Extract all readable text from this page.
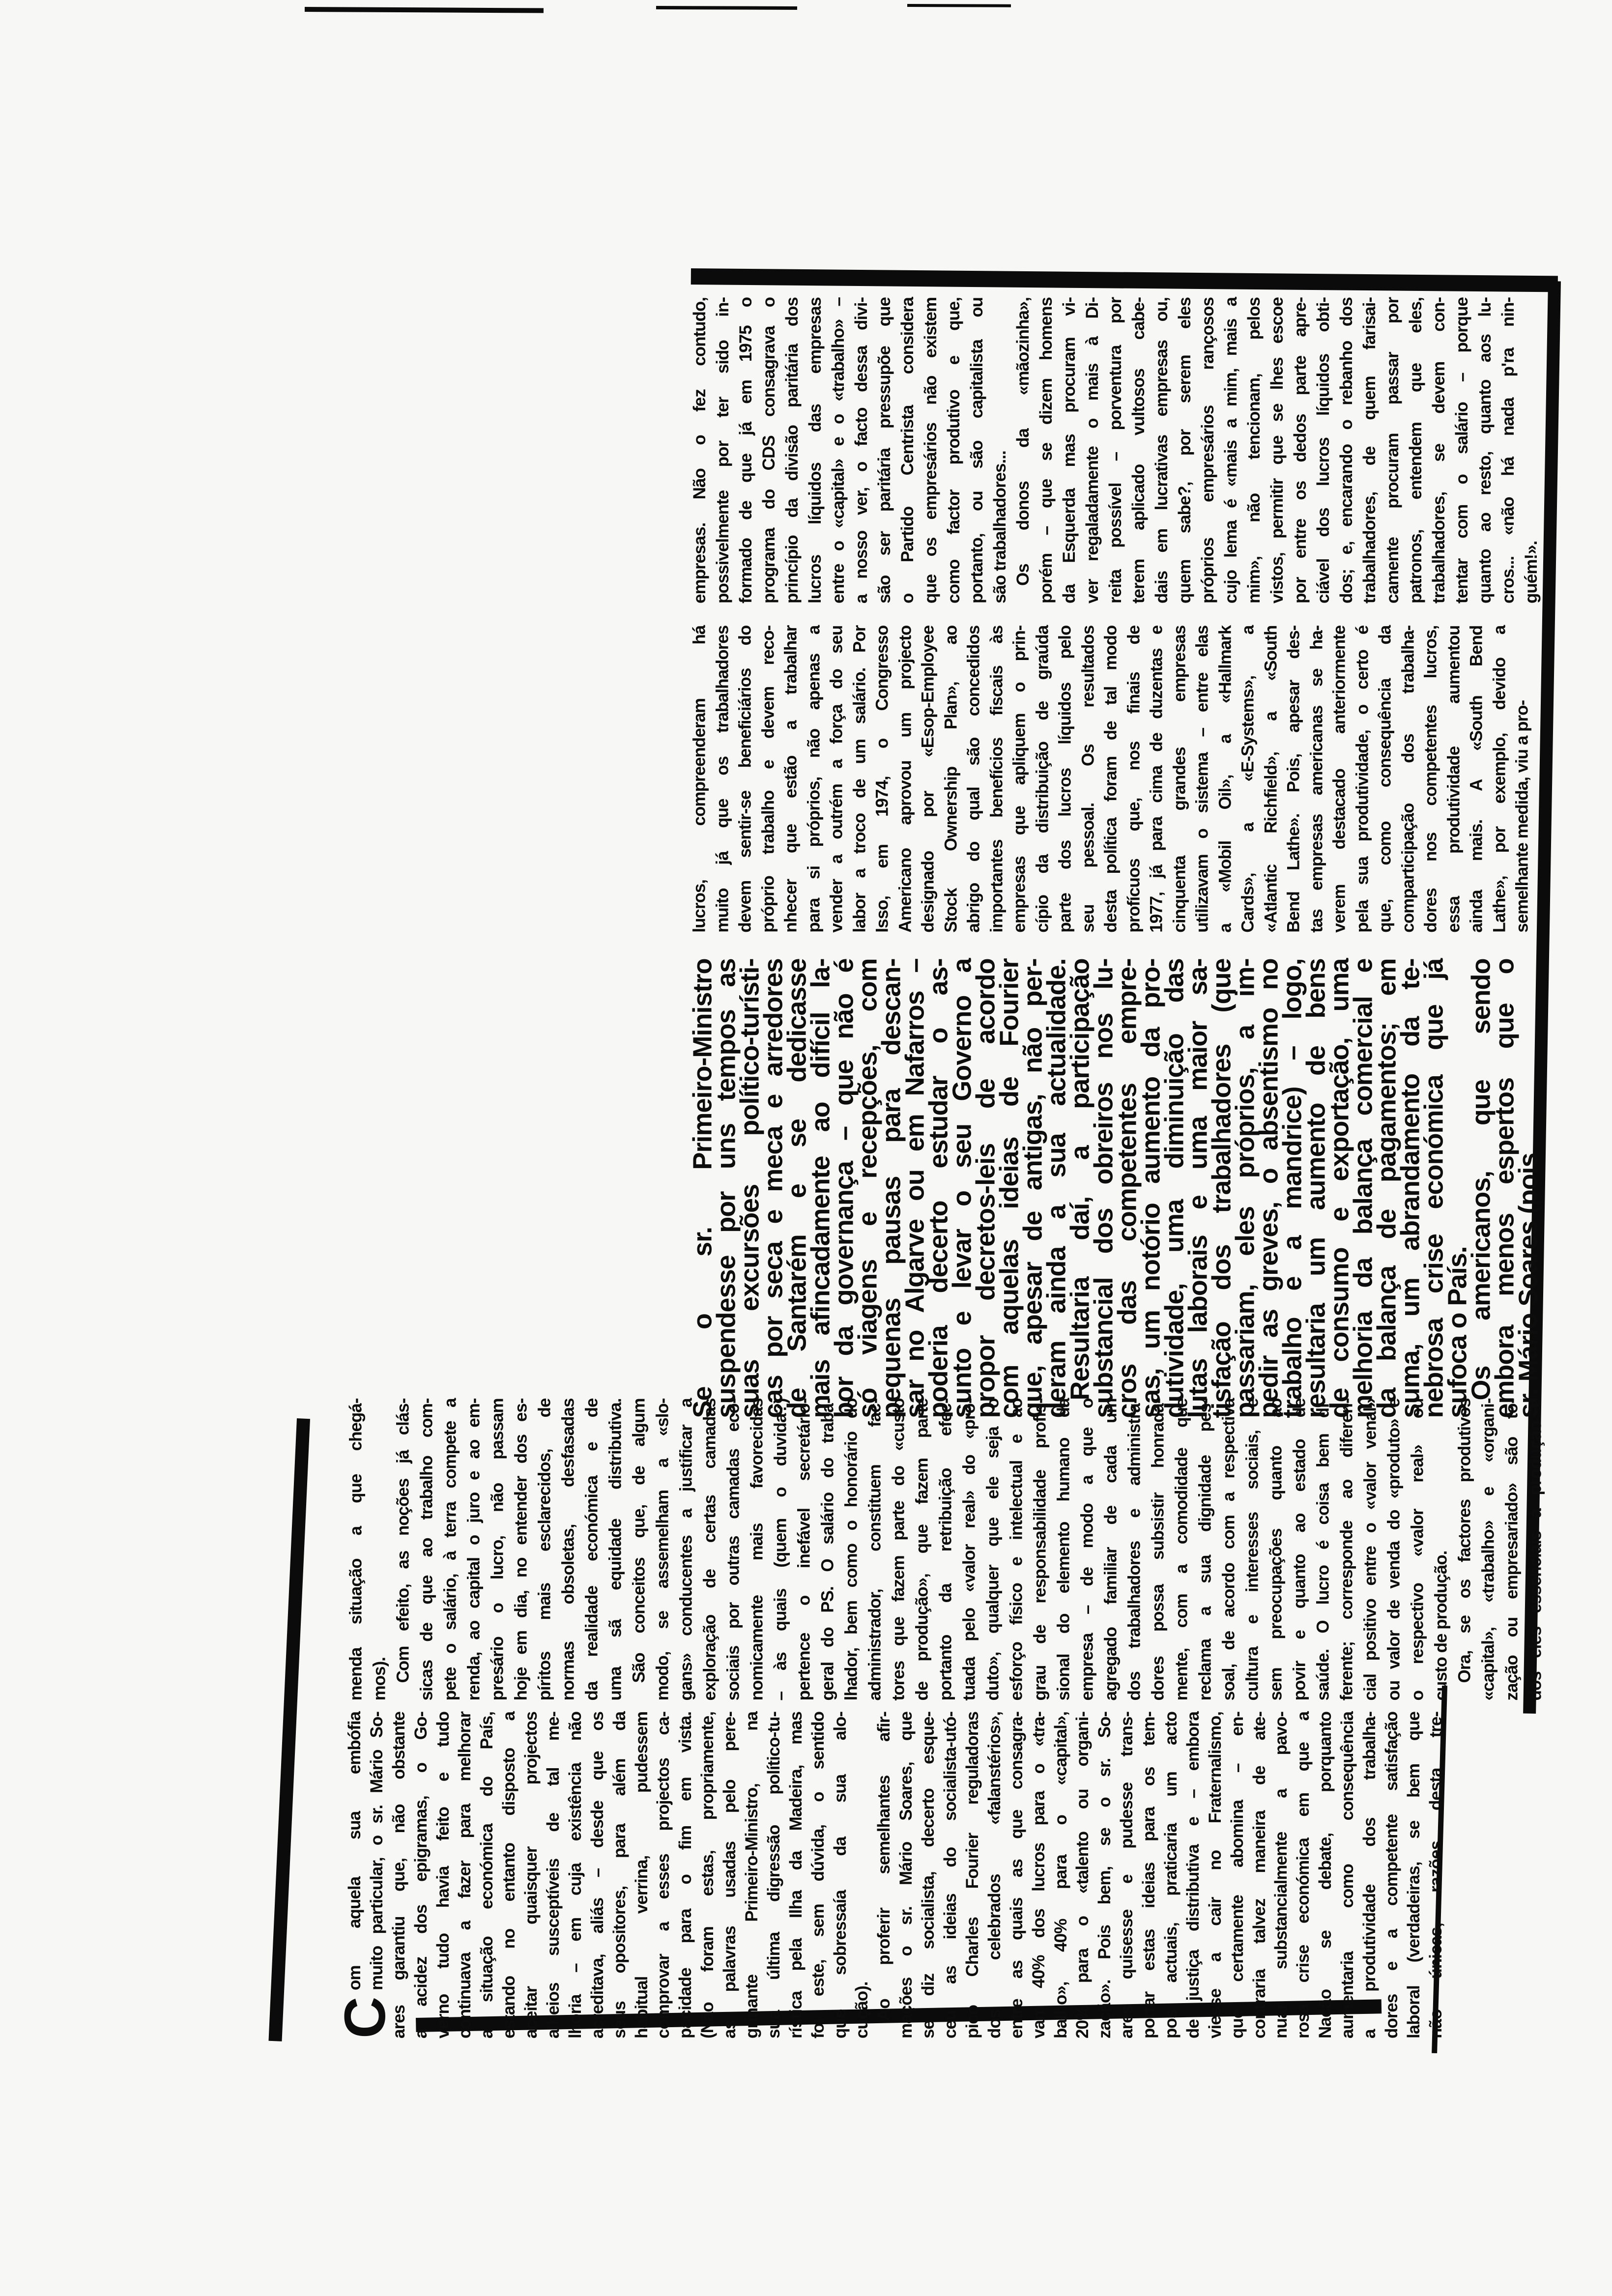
C
om aquela sua embófia muito particular, o sr. Mário So- ares garantiu que, não obstante a acidez dos epigramas, o Go- verno tudo havia feito e tudo continuava a fazer para melhorar a situação económica do País, estando no entanto disposto a aceitar quaisquer projectos alheios susceptíveis de tal me- lhoria – em cuja existência não acreditava, aliás – desde que os seus opositores, para além da habitual verrina, pudessem comprovar a esses projectos ca- pacidade para o fim em vista. (Não foram estas, propriamente, as palavras usadas pelo pere- grinante Primeiro-Ministro, na sua última digressão político-tu- rística pela Ilha da Madeira, mas foi este, sem dúvida, o sentido que sobressaía da sua alo- cução). Ao proferir semelhantes afir- mações o sr. Mário Soares, que se diz socialista, decerto esque- ceu as ideias do socialista-utó- pico Charles Fourier reguladoras dos celebrados «falanstérios», entre as quais as que consagra- vam 40% dos lucros para o «tra- balho», 40% para o «capital», 20% para o «talento ou organi- zação». Pois bem, se o sr. So- ares quisesse e pudesse trans- portar estas ideias para os tem- pos actuais, praticaria um acto de justiça distributiva e – embora viesse a cair no Fraternalismo, que certamente abomina – en- contraria talvez maneira de ate- nuar substancialmente a pavo- rosa crise económica em que a Nação se debate, porquanto aumentaria como consequência a produtividade dos trabalha- dores e a competente satisfação laboral (verdadeiras, se bem que não únicas, razões desta tre-
menda situação a que chegá- mos). Com efeito, as noções já clás- sicas de que ao trabalho com- pete o salário, à terra compete a renda, ao capital o juro e ao em- presário o lucro, não passam hoje em dia, no entender dos es- píritos mais esclarecidos, de normas obsoletas, desfasadas da realidade económica e de uma sã equidade distributiva. São conceitos que, de algum modo, se assemelham a «slo- gans» conducentes a justificar a exploração de certas camadas sociais por outras camadas eco- nomicamente mais favorecidas – às quais (quem o duvida?) pertence o inefável secretário- geral do PS. O salário do traba- lhador, bem como o honorário do administrador, constituem fac- tores que fazem parte do «custo de produção», que fazem parte portanto da retribuição efec- tuada pelo «valor real» do «pro- duto», qualquer que ele seja o esforço físico e intelectual e ao grau de responsabilidade profis- sional do elemento humano da empresa – de modo a que o agregado familiar de cada um dos trabalhadores e administra- dores possa subsistir honrada- mente, com a comodidade que reclama a sua dignidade pes- soal, de acordo com a respectiva cultura e interesses sociais, e sem preocupações quanto ao povir e quanto ao estado de saúde. O lucro é coisa bem di- ferente; corresponde ao diferen- cial positivo entre o «valor venal» ou valor de venda do «produto» e o respectivo «valor real» ou custo de produção. Ora, se os factores produtivos «capital», «trabalho» e «organi- zação ou empresariado» são to- dos eles essenciais à produção e
Se o sr. Primeiro-Ministro
suspendesse por uns tempos as
suas excursões político-turísti-
cas por seca e meca e arredores
de Santarém e se dedicasse
mais afincadamente ao difícil la-
bor da governança – que não é
só viagens e recepções, com
pequenas pausas para descan-
sar no Algarve ou em Nafarros –
poderia decerto estudar o as-
sunto e levar o seu Governo a
propor decretos-leis de acordo
com aquelas ideias de Fourier
que, apesar de antigas, não per-
deram ainda a sua actualidade.
Resultaria daí, a participação
substancial dos obreiros nos lu-
cros das competentes empre-
sas, um notório aumento da pro-
dutividade, uma diminuição das
lutas laborais e uma maior sa-
tisfação dos trabalhadores (que
passariam, eles próprios, a im-
pedir as greves, o absentismo no
trabalho e a mandrice) – logo,
resultaria um aumento de bens
de consumo e exportação, uma
melhoria da balança comercial e
da balança de pagamentos; em
suma, um abrandamento da te-
nebrosa crise económica que já
sufoca o País.
Os americanos, que sendo
embora menos espertos que o
sr. Mário Soares (pois
lucros, compreenderam há muito já que os trabalhadores devem sentir-se beneficiários do próprio trabalho e devem reco- nhecer que estão a trabalhar para si próprios, não apenas a vender a outrém a força do seu labor a troco de um salário. Por Isso, em 1974, o Congresso Americano aprovou um projecto designado por «Esop-Employee Stock Ownership Plan», ao abrigo do qual são concedidos importantes benefícios fiscais às empresas que apliquem o prin- cípio da distribuição de graúda parte dos lucros líquidos pelo seu pessoal. Os resultados desta política foram de tal modo profícuos que, nos finais de 1977, já para cima de duzentas e cinquenta grandes empresas utilizavam o sistema – entre elas a «Mobil Oil», a «Hallmark Cards», a «E-Systems», a «Atlantic Richfield», a «South Bend Lathe». Pois, apesar des- tas empresas americanas se ha- verem destacado anteriormente pela sua produtividade, o certo é que, como consequência da comparticipação dos trabalha- dores nos competentes lucros, essa produtividade aumentou ainda mais. A «South Bend Lathe», por exemplo, devido a semelhante medida, viu a pro-
empresas. Não o fez contudo, possivelmente por ter sido in- formado de que já em 1975 o programa do CDS consagrava o princípio da divisão paritária dos lucros líquidos das empresas entre o «capital» e o «trabalho» – a nosso ver, o facto dessa divi- são ser paritária pressupõe que o Partido Centrista considera que os empresários não existem como factor produtivo e que, portanto, ou são capitalista ou são trabalhadores... Os donos da «mãozinha», porém – que se dizem homens da Esquerda mas procuram vi- ver regaladamente o mais à Di- reita possível – porventura por terem aplicado vultosos cabe- dais em lucrativas empresas ou, quem sabe?, por serem eles próprios empresários rançosos cujo lema é «mais a mim, mais a mim», não tencionam, pelos vistos, permitir que se lhes escoe por entre os dedos parte apre- ciável dos lucros líquidos obti- dos; e, encarando o rebanho dos trabalhadores, de quem farisai- camente procuram passar por patronos, entendem que eles, trabalhadores, se devem con- tentar com o salário – porque quanto ao resto, quanto aos lu- cros... «não há nada p'ra nin- guém!».
